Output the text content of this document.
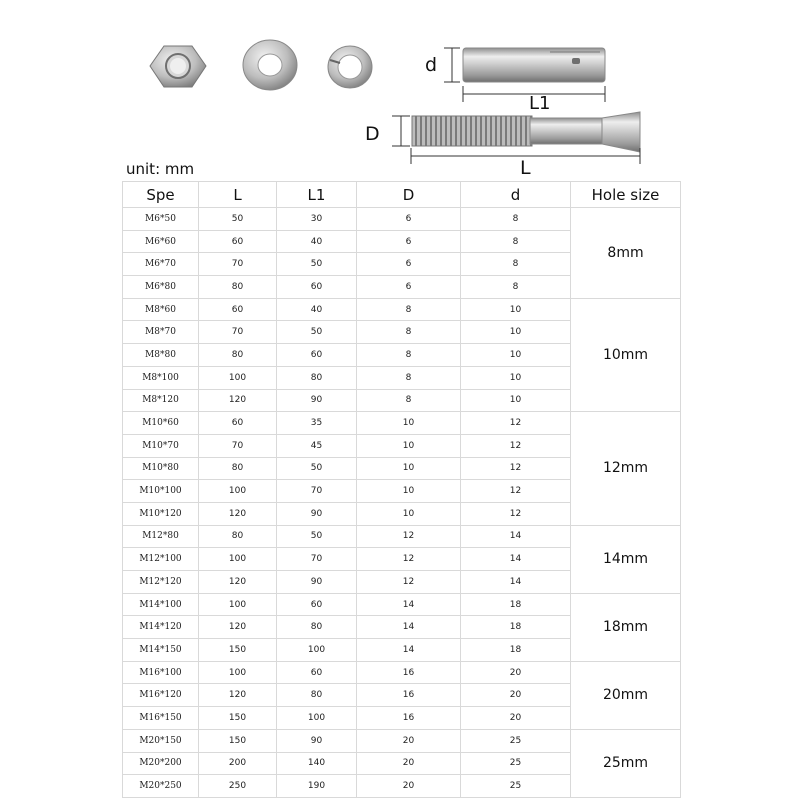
d
L1
D
L
unit: mm
Spe	L	L1	D	d	Hole size
M6*50	50	30	6	8	8mm
M6*60	60	40	6	8	
M6*70	70	50	6	8	
M6*80	80	60	6	8	
M8*60	60	40	8	10	10mm
M8*70	70	50	8	10	
M8*80	80	60	8	10	
M8*100	100	80	8	10	
M8*120	120	90	8	10	
M10*60	60	35	10	12	12mm
M10*70	70	45	10	12	
M10*80	80	50	10	12	
M10*100	100	70	10	12	
M10*120	120	90	10	12	
M12*80	80	50	12	14	14mm
M12*100	100	70	12	14	
M12*120	120	90	12	14	
M14*100	100	60	14	18	18mm
M14*120	120	80	14	18	
M14*150	150	100	14	18	
M16*100	100	60	16	20	20mm
M16*120	120	80	16	20	
M16*150	150	100	16	20	
M20*150	150	90	20	25	25mm
M20*200	200	140	20	25	
M20*250	250	190	20	25	
